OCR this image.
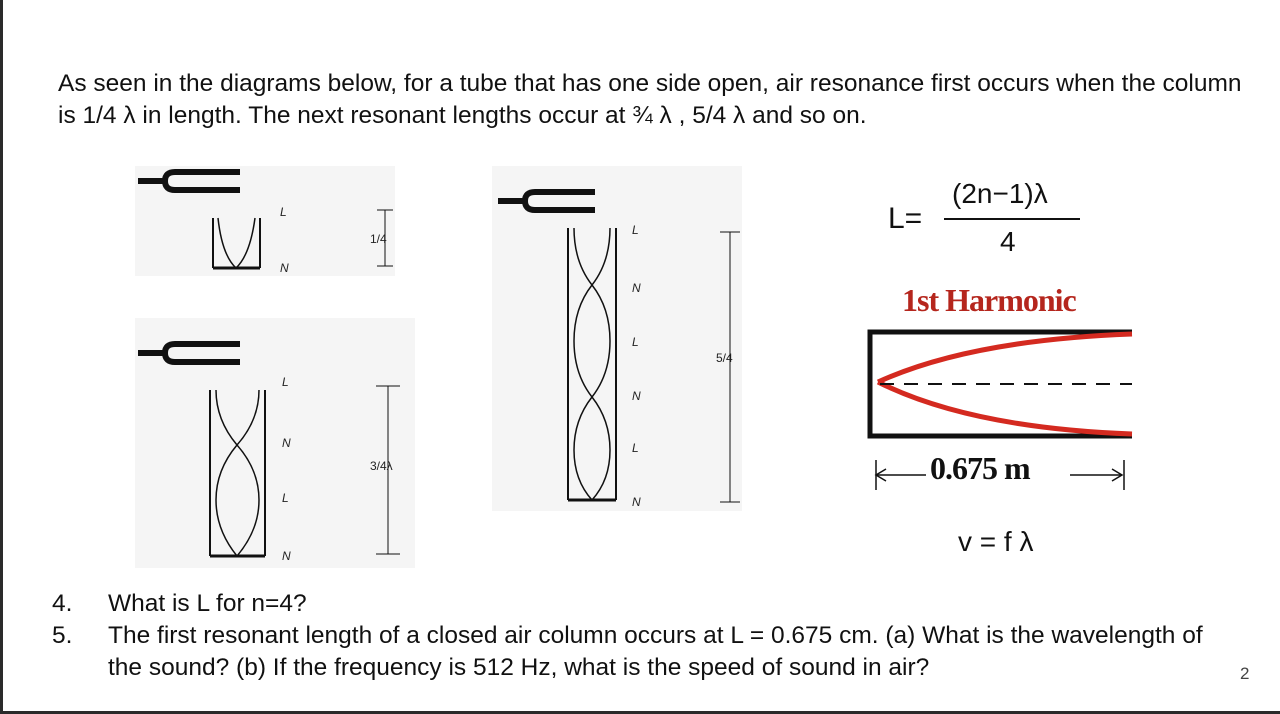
As seen in the diagrams below, for a tube that has one side open, air resonance first occurs when the column is 1/4 λ in length. The next resonant lengths occur at ¾ λ , 5/4 λ and so on.

L
N
1/4
L
N
L
N
3/4λ
L
N
L
N
L
N
5/4
L=
(2n−1)λ
4
1st Harmonic
0.675 m
v = f λ
4.	What is L for n=4?
5.	The first resonant length of a closed air column occurs at L = 0.675 cm. (a) What is the wavelength of the sound? (b) If the frequency is 512 Hz, what is the speed of sound in air?	2
